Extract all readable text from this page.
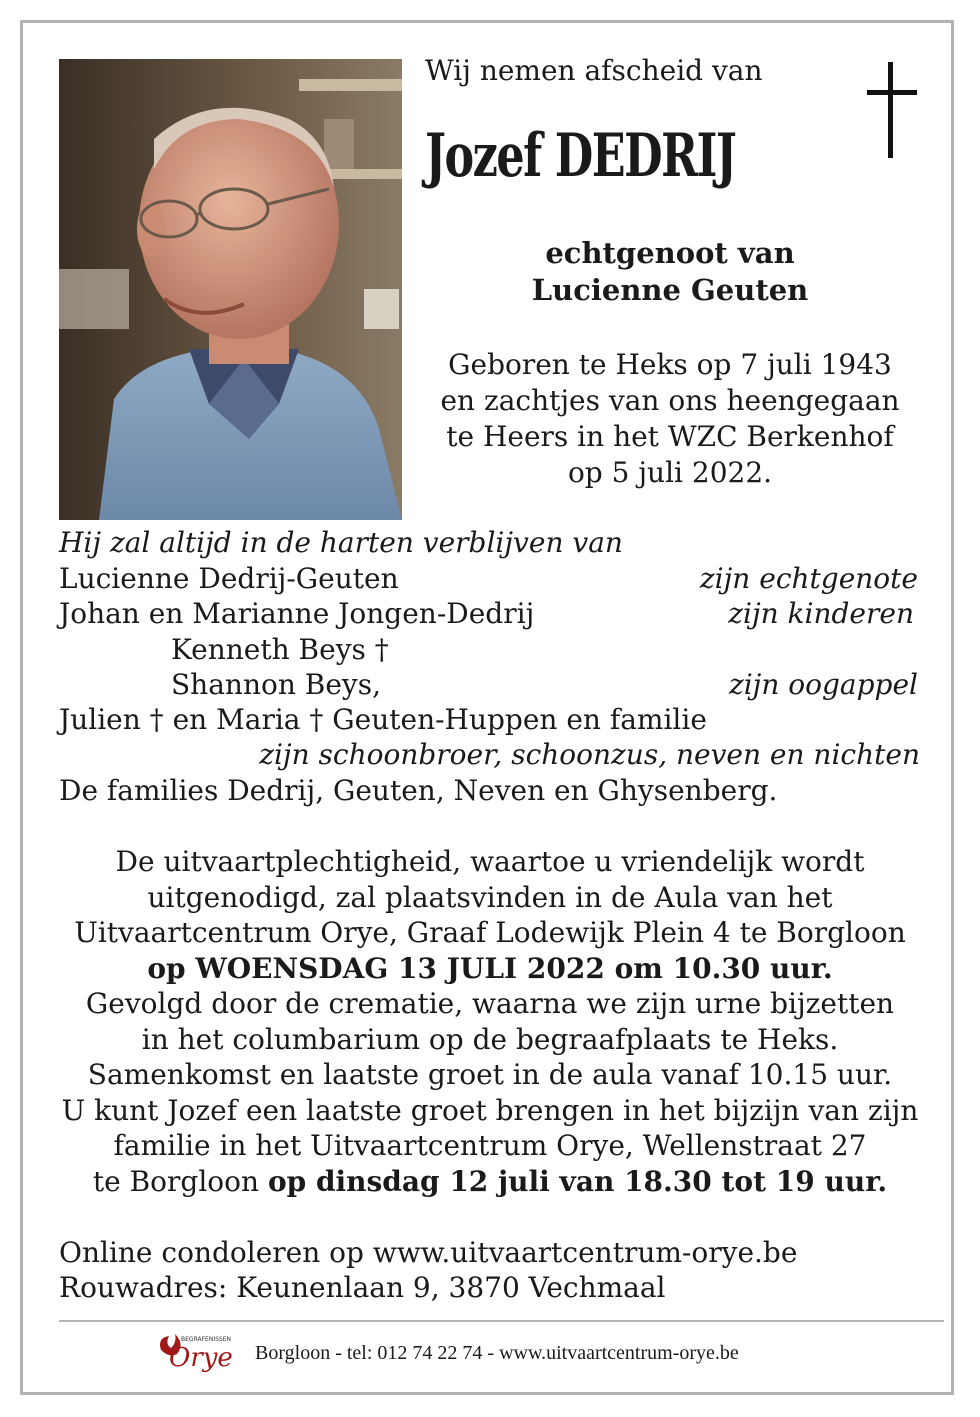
Wij nemen afscheid van
Jozef DEDRIJ
echtgenoot van
Lucienne Geuten
Geboren te Heks op 7 juli 1943
en zachtjes van ons heengegaan
te Heers in het WZC Berkenhof
op 5 juli 2022.
Hij zal altijd in de harten verblijven van
Lucienne Dedrij-Geuten	zijn echtgenote
Johan en Marianne Jongen-Dedrij	zijn kinderen
Kenneth Beys †
Shannon Beys,	zijn oogappel
Julien † en Maria † Geuten-Huppen en familie
zijn schoonbroer, schoonzus, neven en nichten
De families Dedrij, Geuten, Neven en Ghysenberg.
De uitvaartplechtigheid, waartoe u vriendelijk wordt
uitgenodigd, zal plaatsvinden in de Aula van het
Uitvaartcentrum Orye, Graaf Lodewijk Plein 4 te Borgloon
op WOENSDAG 13 JULI 2022 om 10.30 uur.
Gevolgd door de crematie, waarna we zijn urne bijzetten
in het columbarium op de begraafplaats te Heks.
Samenkomst en laatste groet in de aula vanaf 10.15 uur.
U kunt Jozef een laatste groet brengen in het bijzijn van zijn
familie in het Uitvaartcentrum Orye, Wellenstraat 27
te Borgloon op dinsdag 12 juli van 18.30 tot 19 uur.
Online condoleren op www.uitvaartcentrum-orye.be
Rouwadres: Keunenlaan 9, 3870 Vechmaal
BEGRAFENISSEN
Orye Borgloon - tel: 012 74 22 74 - www.uitvaartcentrum-orye.be
